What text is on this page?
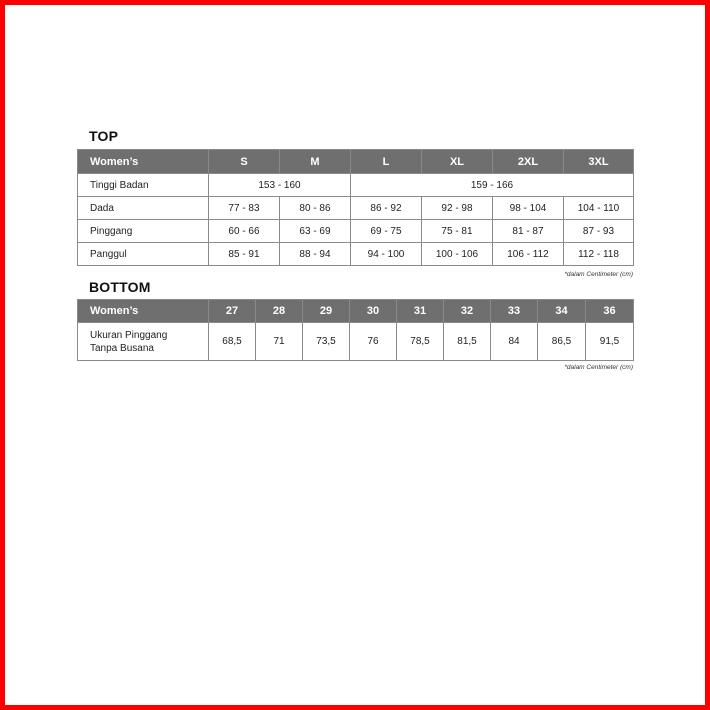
TOP
Women’s	S	M	L	XL	2XL	3XL
Tinggi Badan	153 - 160		159 - 166			
Dada	77 - 83	80 - 86	86 - 92	92 - 98	98 - 104	104 - 110
Pinggang	60 - 66	63 - 69	69 - 75	75 - 81	81 - 87	87 - 93
Panggul	85 - 91	88 - 94	94 - 100	100 - 106	106 - 112	112 - 118
*dalam Centimeter (cm)
BOTTOM
Women’s	27	28	29	30	31	32	33	34	36
Ukuran Pinggang
Tanpa Busana	68,5	71	73,5	76	78,5	81,5	84	86,5	91,5
*dalam Centimeter (cm)
